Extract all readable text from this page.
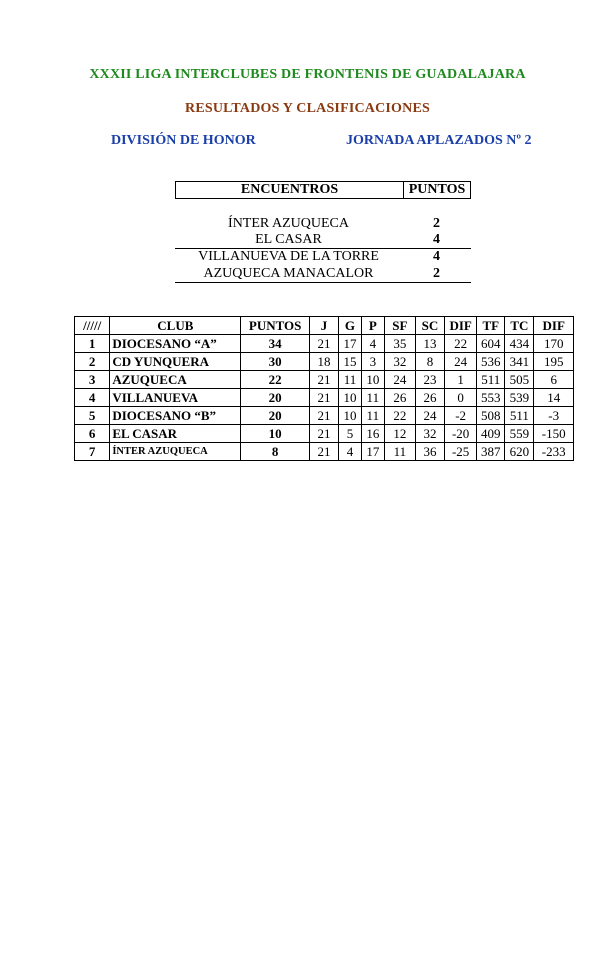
XXXII LIGA INTERCLUBES DE FRONTENIS DE GUADALAJARA
RESULTADOS Y CLASIFICACIONES
DIVISIÓN DE HONOR	JORNADA APLAZADOS Nº 2
ENCUENTROS	PUNTOS
ÍNTER AZUQUECA	2
EL CASAR	4
VILLANUEVA DE LA TORRE	4
AZUQUECA MANACALOR	2
/////	CLUB	PUNTOS	J	G	P	SF	SC	DIF	TF	TC	DIF
1	DIOCESANO “A”	34	21	17	4	35	13	22	604	434	170
2	CD YUNQUERA	30	18	15	3	32	8	24	536	341	195
3	AZUQUECA	22	21	11	10	24	23	1	511	505	6
4	VILLANUEVA	20	21	10	11	26	26	0	553	539	14
5	DIOCESANO “B”	20	21	10	11	22	24	-2	508	511	-3
6	EL CASAR	10	21	5	16	12	32	-20	409	559	-150
7	ÍNTER AZUQUECA	8	21	4	17	11	36	-25	387	620	-233
